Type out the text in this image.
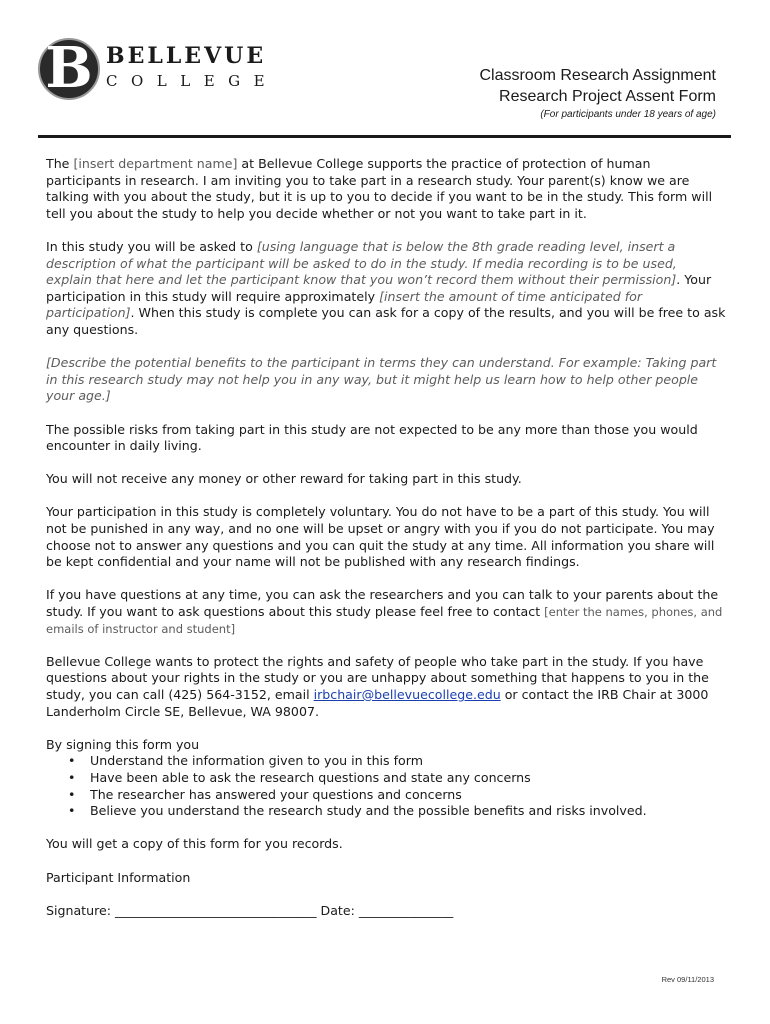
B BELLEVUE
COLLEGE	Classroom Research Assignment
Research Project Assent Form
(For participants under 18 years of age)

The [insert department name] at Bellevue College supports the practice of protection of human participants in research. I am inviting you to take part in a research study. Your parent(s) know we are talking with you about the study, but it is up to you to decide if you want to be in the study. This form will tell you about the study to help you decide whether or not you want to take part in it.

In this study you will be asked to [using language that is below the 8th grade reading level, insert a description of what the participant will be asked to do in the study. If media recording is to be used, explain that here and let the participant know that you won’t record them without their permission]. Your participation in this study will require approximately [insert the amount of time anticipated for participation]. When this study is complete you can ask for a copy of the results, and you will be free to ask any questions.

[Describe the potential benefits to the participant in terms they can understand. For example: Taking part in this research study may not help you in any way, but it might help us learn how to help other people your age.]

The possible risks from taking part in this study are not expected to be any more than those you would encounter in daily living.

You will not receive any money or other reward for taking part in this study.

Your participation in this study is completely voluntary. You do not have to be a part of this study. You will not be punished in any way, and no one will be upset or angry with you if you do not participate. You may choose not to answer any questions and you can quit the study at any time. All information you share will be kept confidential and your name will not be published with any research findings.

If you have questions at any time, you can ask the researchers and you can talk to your parents about the study. If you want to ask questions about this study please feel free to contact [enter the names, phones, and emails of instructor and student]

Bellevue College wants to protect the rights and safety of people who take part in the study. If you have questions about your rights in the study or you are unhappy about something that happens to you in the study, you can call (425) 564-3152, email irbchair@bellevuecollege.edu or contact the IRB Chair at 3000 Landerholm Circle SE, Bellevue, WA 98007.

By signing this form you
• Understand the information given to you in this form
• Have been able to ask the research questions and state any concerns
• The researcher has answered your questions and concerns
• Believe you understand the research study and the possible benefits and risks involved.

You will get a copy of this form for you records.

Participant Information

Signature: ________________________________ Date: _______________

Rev 09/11/2013
